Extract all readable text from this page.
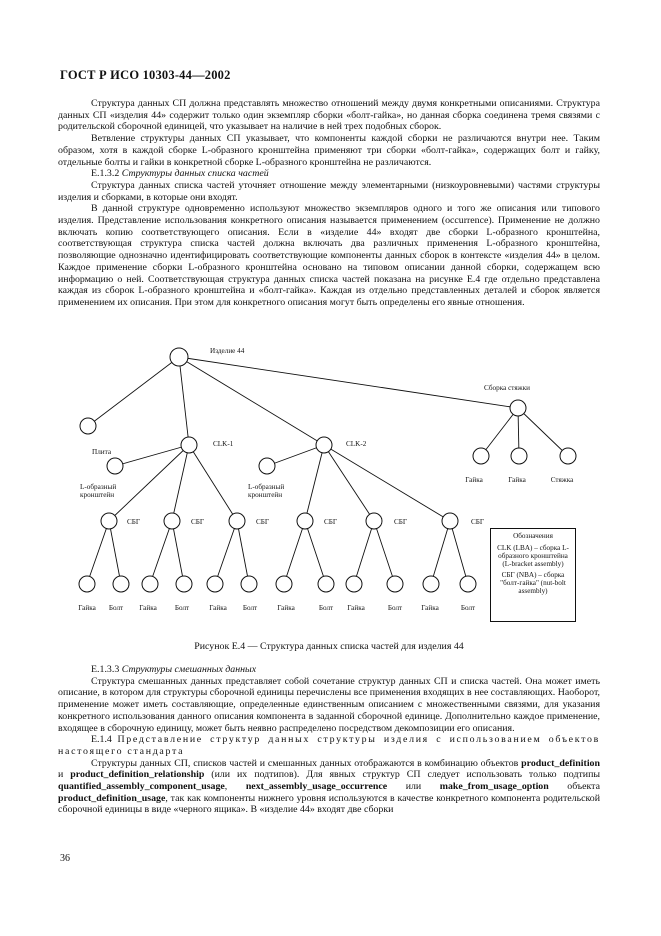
ГОСТ Р ИСО 10303-44—2002

Структура данных СП должна представлять множество отношений между двумя конкретными описаниями. Структура данных СП «изделия 44» содержит только один экземпляр сборки «болт-гайка», но данная сборка соединена тремя связями с родительской сборочной единицей, что указывает на наличие в ней трех подобных сборок.

Ветвление структуры данных СП указывает, что компоненты каждой сборки не различаются внутри нее. Таким образом, хотя в каждой сборке L-образного кронштейна применяют три сборки «болт-гайка», содержащих болт и гайку, отдельные болты и гайки в конкретной сборке L-образного кронштейна не различаются.

Е.1.3.2 Структуры данных списка частей

Структура данных списка частей уточняет отношение между элементарными (низкоуровневыми) частями структуры изделия и сборками, в которые они входят.

В данной структуре одновременно используют множество экземпляров одного и того же описания или типового изделия. Представление использования конкретного описания называется применением (occurrence). Применение не должно включать копию соответствующего описания. Если в «изделие 44» входят две сборки L-образного кронштейна, соответствующая структура списка частей должна включать два различных применения L-образного кронштейна, позволяющие однозначно идентифицировать соответствующие компоненты данных сборок в контексте «изделия 44» в целом. Каждое применение сборки L-образного кронштейна основано на типовом описании данной сборки, содержащем всю информацию о ней. Соответствующая структура данных списка частей показана на рисунке Е.4 где отдельно представлена каждая из сборок L-образного кронштейна и «болт-гайка». Каждая из отдельно представленных деталей и сборок является применением их описания. При этом для конкретного описания могут быть определены его явные отношения.

Изделие 44
Сборка стяжки
CLK-1	CLK-2
Плита
L-образный кронштейн
L-образный кронштейн
СБГ	СБГ	СБГ	СБГ	СБГ	СБГ
Гайка	Гайка	Стяжка
Гайка Болт Гайка	Болт	Гайка Болт	Гайка	Болт Гайка	Болт	Гайка	Болт
Обозначения
CLK (LBA) – сборка L-образного кронштейна (L-bracket assembly)
СБГ (NBA) – сборка "болт-гайка" (nut-bolt assembly)
Рисунок Е.4 — Структура данных списка частей для изделия 44
Е.1.3.3 Структуры смешанных данных

Структура смешанных данных представляет собой сочетание структур данных СП и списка частей. Она может иметь описание, в котором для структуры сборочной единицы перечислены все применения входящих в нее составляющих. Наоборот, применение может иметь составляющие, определенные единственным описанием с множественными связями, для указания конкретного использования данного описания компонента в заданной сборочной единице. Дополнительно каждое применение, входящее в сборочную единицу, может быть неявно распределено посредством декомпозиции его описания.

Е.1.4 Представление структур данных структуры изделия с использованием объектов настоящего стандарта

Структуры данных СП, списков частей и смешанных данных отображаются в комбинацию объектов product_definition и product_definition_relationship (или их подтипов). Для явных структур СП следует использовать только подтипы quantified_assembly_component_usage, next_assembly_usage_occurrence или make_from_usage_option объекта product_definition_usage, так как компоненты нижнего уровня используются в качестве конкретного компонента родительской сборочной единицы в виде «черного ящика». В «изделие 44» входят две сборки

36
